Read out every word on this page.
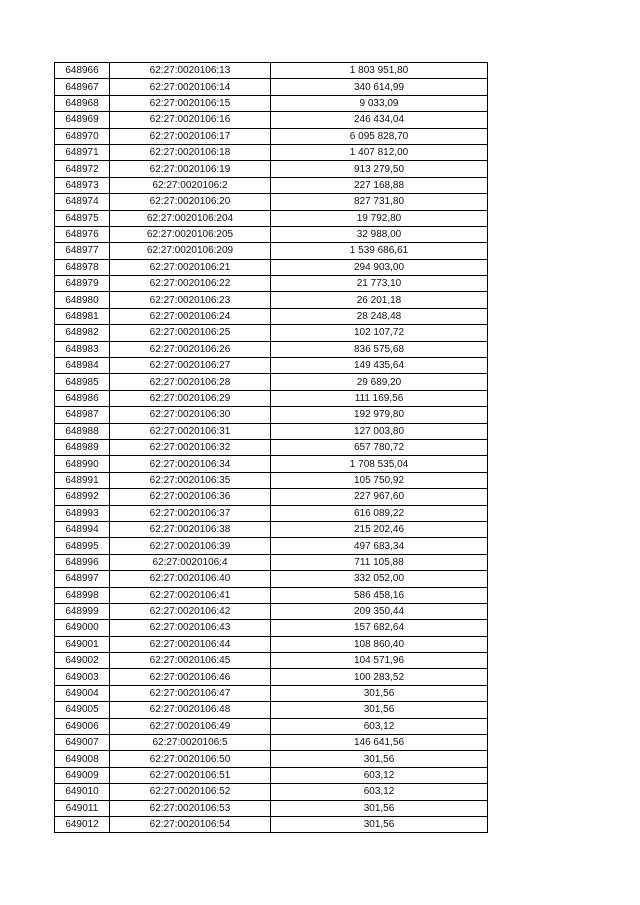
648966	62:27:0020106:13	1 803 951,80
648967	62:27:0020106:14	340 614,99
648968	62:27:0020106:15	9 033,09
648969	62:27:0020106:16	246 434,04
648970	62:27:0020106:17	6 095 828,70
648971	62:27:0020106:18	1 407 812,00
648972	62:27:0020106:19	913 279,50
648973	62:27:0020106:2	227 168,88
648974	62:27:0020106:20	827 731,80
648975	62:27:0020106:204	19 792,80
648976	62:27:0020106:205	32 988,00
648977	62:27:0020106:209	1 539 686,61
648978	62:27:0020106:21	294 903,00
648979	62:27:0020106:22	21 773,10
648980	62:27:0020106:23	26 201,18
648981	62:27:0020106:24	28 248,48
648982	62:27:0020106:25	102 107,72
648983	62:27:0020106:26	836 575,68
648984	62:27:0020106:27	149 435,64
648985	62:27:0020106:28	29 689,20
648986	62:27:0020106:29	111 169,56
648987	62:27:0020106:30	192 979,80
648988	62:27:0020106:31	127 003,80
648989	62:27:0020106:32	657 780,72
648990	62:27:0020106:34	1 708 535,04
648991	62:27:0020106:35	105 750,92
648992	62:27:0020106:36	227 967,60
648993	62:27:0020106:37	616 089,22
648994	62:27:0020106:38	215 202,46
648995	62:27:0020106:39	497 683,34
648996	62:27:0020106:4	711 105,88
648997	62:27:0020106:40	332 052,00
648998	62:27:0020106:41	586 458,16
648999	62:27:0020106:42	209 350,44
649000	62:27:0020106:43	157 682,64
649001	62:27:0020106:44	108 860,40
649002	62:27:0020106:45	104 571,96
649003	62:27:0020106:46	100 283,52
649004	62:27:0020106:47	301,56
649005	62:27:0020106:48	301,56
649006	62:27:0020106:49	603,12
649007	62:27:0020106:5	146 641,56
649008	62:27:0020106:50	301,56
649009	62:27:0020106:51	603,12
649010	62:27:0020106:52	603,12
649011	62:27:0020106:53	301,56
649012	62:27:0020106:54	301,56
